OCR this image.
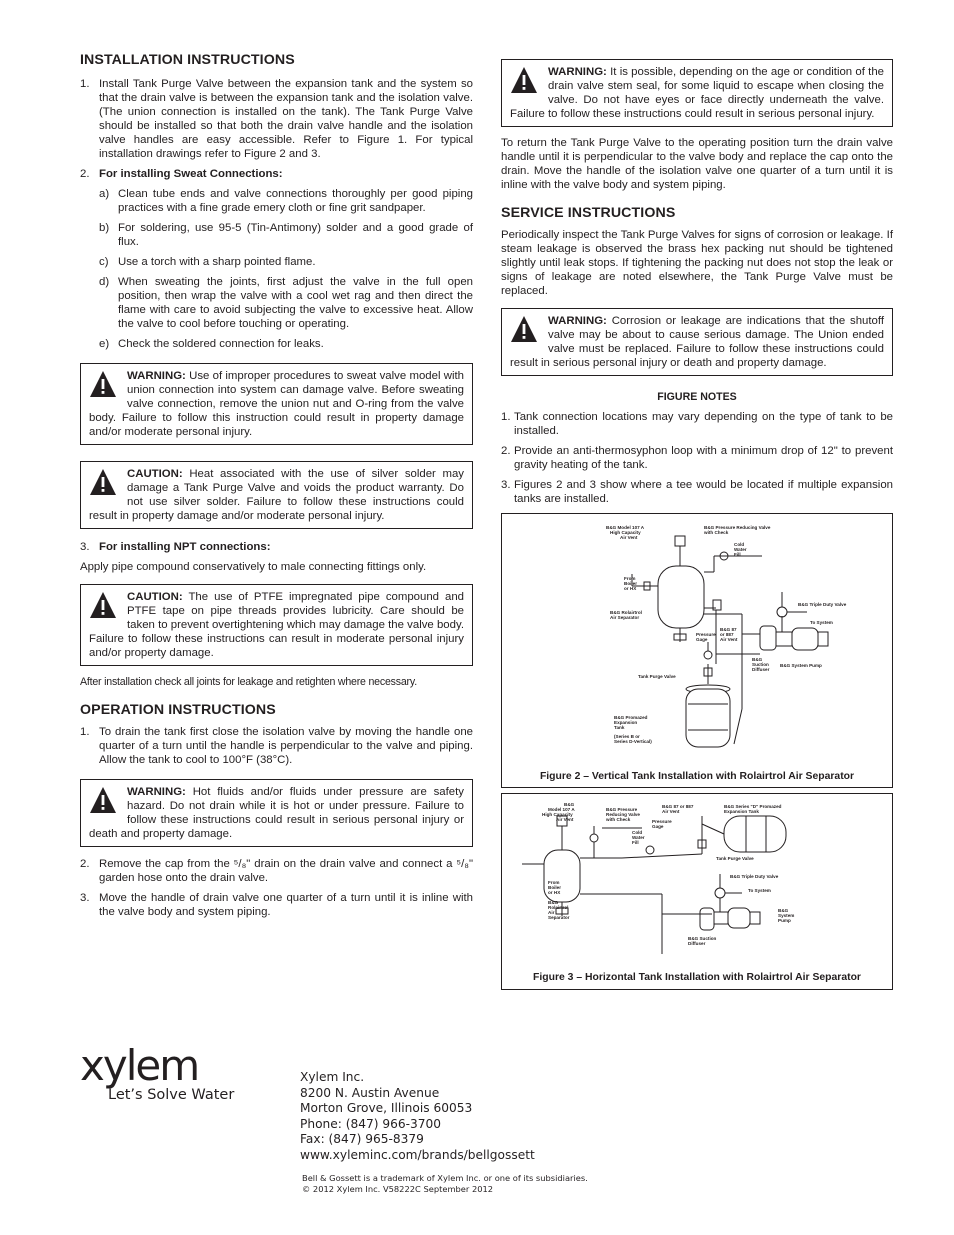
INSTALLATION INSTRUCTIONS
1. Install Tank Purge Valve between the expansion tank and the system so that the drain valve is between the expansion tank and the isolation valve. (The union connection is installed on the tank). The Tank Purge Valve should be installed so that both the drain valve handle and the isolation valve handles are easy accessible. Refer to Figure 1. For typical installation drawings refer to Figure 2 and 3.
2. For installing Sweat Connections:
a) Clean tube ends and valve connections thoroughly per good piping practices with a fine grade emery cloth or fine grit sandpaper.
b) For soldering, use 95-5 (Tin-Antimony) solder and a good grade of flux.
c) Use a torch with a sharp pointed flame.
d) When sweating the joints, first adjust the valve in the full open position, then wrap the valve with a cool wet rag and then direct the flame with care to avoid subjecting the valve to excessive heat. Allow the valve to cool before touching or operating.
e) Check the soldered connection for leaks.
WARNING: Use of improper procedures to sweat valve model with union connection into system can damage valve. Before sweating valve connection, remove the union nut and O-ring from the valve body. Failure to follow this instruction could result in property damage and/or moderate personal injury.
CAUTION: Heat associated with the use of silver solder may damage a Tank Purge Valve and voids the product warranty. Do not use silver solder. Failure to follow these instructions could result in property damage and/or moderate personal injury.
3. For installing NPT connections:
Apply pipe compound conservatively to male connecting fittings only.
CAUTION: The use of PTFE impregnated pipe compound and PTFE tape on pipe threads provides lubricity. Care should be taken to prevent overtightening which may damage the valve body. Failure to follow these instructions can result in moderate personal injury and/or property damage.
After installation check all joints for leakage and retighten where necessary.
OPERATION INSTRUCTIONS
1. To drain the tank first close the isolation valve by moving the handle one quarter of a turn until the handle is perpendicular to the valve and piping. Allow the tank to cool to 100°F (38°C).
WARNING: Hot fluids and/or fluids under pressure are safety hazard. Do not drain while it is hot or under pressure. Failure to follow these instructions could result in serious personal injury or death and property damage.
2. Remove the cap from the ⁵/₈" drain on the drain valve and connect a ⁵/₈" garden hose onto the drain valve.
3. Move the handle of drain valve one quarter of a turn until it is inline with the valve body and system piping.
WARNING: It is possible, depending on the age or condition of the drain valve stem seal, for some liquid to escape when closing the valve. Do not have eyes or face directly underneath the valve. Failure to follow these instructions could result in serious personal injury.
To return the Tank Purge Valve to the operating position turn the drain valve handle until it is perpendicular to the valve body and replace the cap onto the drain. Move the handle of the isolation valve one quarter of a turn until it is inline with the valve body and system piping.
SERVICE INSTRUCTIONS
Periodically inspect the Tank Purge Valves for signs of corrosion or leakage. If steam leakage is observed the brass hex packing nut should be tightened slightly until leak stops. If tightening the packing nut does not stop the leak or signs of leakage are noted elsewhere, the Tank Purge Valve must be replaced.
WARNING: Corrosion or leakage are indications that the shutoff valve may be about to cause serious damage. The Union ended valve must be replaced. Failure to follow these instructions could result in serious personal injury or death and property damage.
FIGURE NOTES
1. Tank connection locations may vary depending on the type of tank to be installed.
2. Provide an anti-thermosyphon loop with a minimum drop of 12" to prevent gravity heating of the tank.
3. Figures 2 and 3 show where a tee would be located if multiple expansion tanks are installed.
B&G Model 107 A
High Capacity
Air Vent
B&G Pressure Reducing Valve
with Check
Cold
Water
Fill
From
Boiler
or HX
B&G Rolairtrol
Air Separator
B&G Triple Duty Valve
To System
B&G 87
or 887
Air Vent
Pressure
Gage
B&G
Suction
Diffuser
B&G System Pump
Tank Purge Valve
B&G Promazed
Expansion
Tank
(Series B or
Series D-Vertical)
Figure 2 – Vertical Tank Installation with Rolairtrol Air Separator
B&G 87 or 887
Air Vent
B&G Series "D" Promazed
Expansion Tank
B&G
Model 107 A
High Capacity
Air Vent
B&G Pressure
Reducing Valve
with Check	Pressure
Gage
Cold
Water
Fill
Tank Purge Valve
From
Boiler
or HX
B&G
Rolairtrol
Air
Separator
B&G Triple Duty Valve
To System
B&G
System
Pump
B&G Suction
Diffuser
Figure 3 – Horizontal Tank Installation with Rolairtrol Air Separator
xylem
Let’s Solve Water
Xylem Inc.
8200 N. Austin Avenue
Morton Grove, Illinois 60053
Phone: (847) 966-3700
Fax: (847) 965-8379
www.xyleminc.com/brands/bellgossett
Bell & Gossett is a trademark of Xylem Inc. or one of its subsidiaries.
© 2012 Xylem Inc. V58222C September 2012
